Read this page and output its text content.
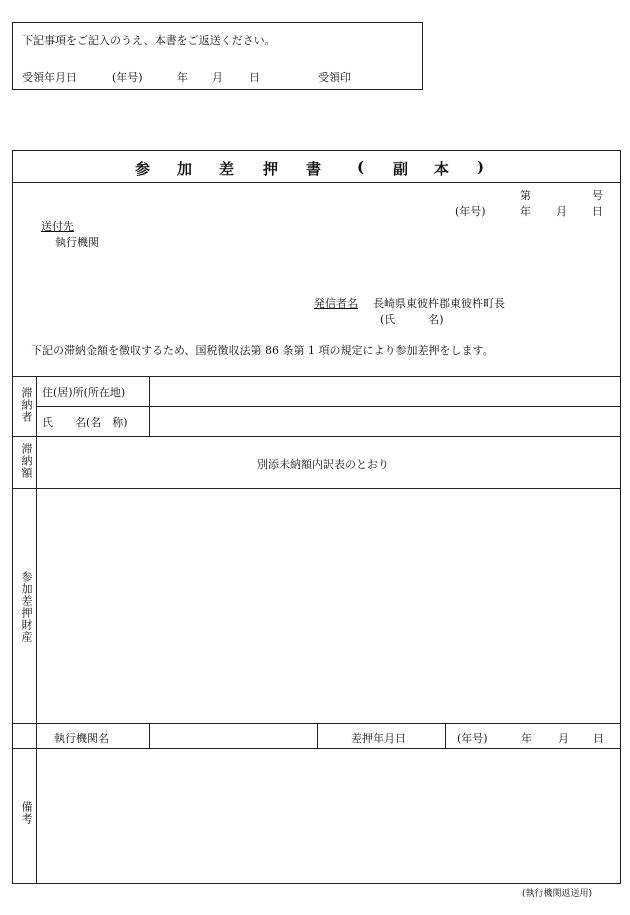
下記事項をご記入のうえ、本書をご返送ください。
受領年月日	(年号)	年 月 日	受領印
参 加 差 押 書 ( 副 本 )
第	号
(年号)	年 月 日
送付先
執行機関
発信者名 長崎県東彼杵郡東彼杵町長
(氏　　　名)
下記の滞納金額を徴収するため、国税徴収法第 86 条第 1 項の規定により参加差押をします。
滞納者 住(居)所(所在地)
氏　　名(名　称)
滞納額	別添未納額内訳表のとおり
参加差押財産
執行機関名	差押年月日	(年号)	年 月 日
備考
(執行機関返送用)
